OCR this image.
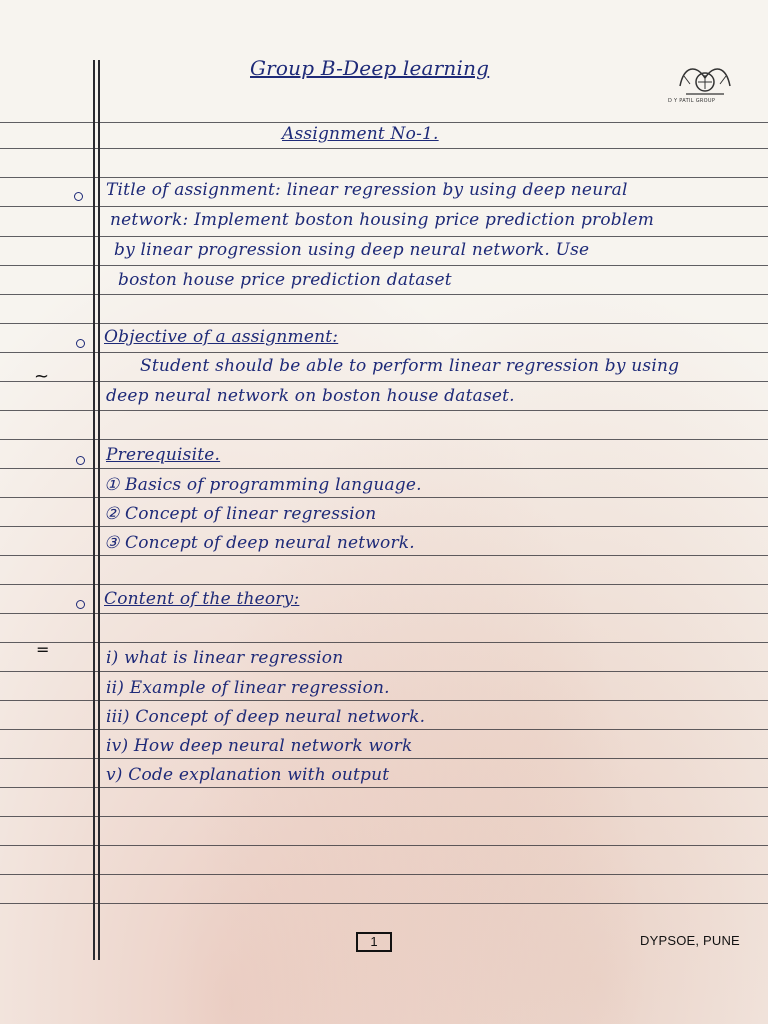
Group B-Deep learning
D Y PATIL GROUP
Assignment No-1.
Title of assignment: linear regression by using deep neural
network: Implement boston housing price prediction problem
by linear progression using deep neural network. Use
boston house price prediction dataset
Objective of a assignment:
~	Student should be able to perform linear regression by using
deep neural network on boston house dataset.
Prerequisite.
① Basics of programming language.
② Concept of linear regression
③ Concept of deep neural network.
Content of the theory:
=	i) what is linear regression
ii) Example of linear regression.
iii) Concept of deep neural network.
iv) How deep neural network work
v) Code explanation with output
1	DYPSOE, PUNE
